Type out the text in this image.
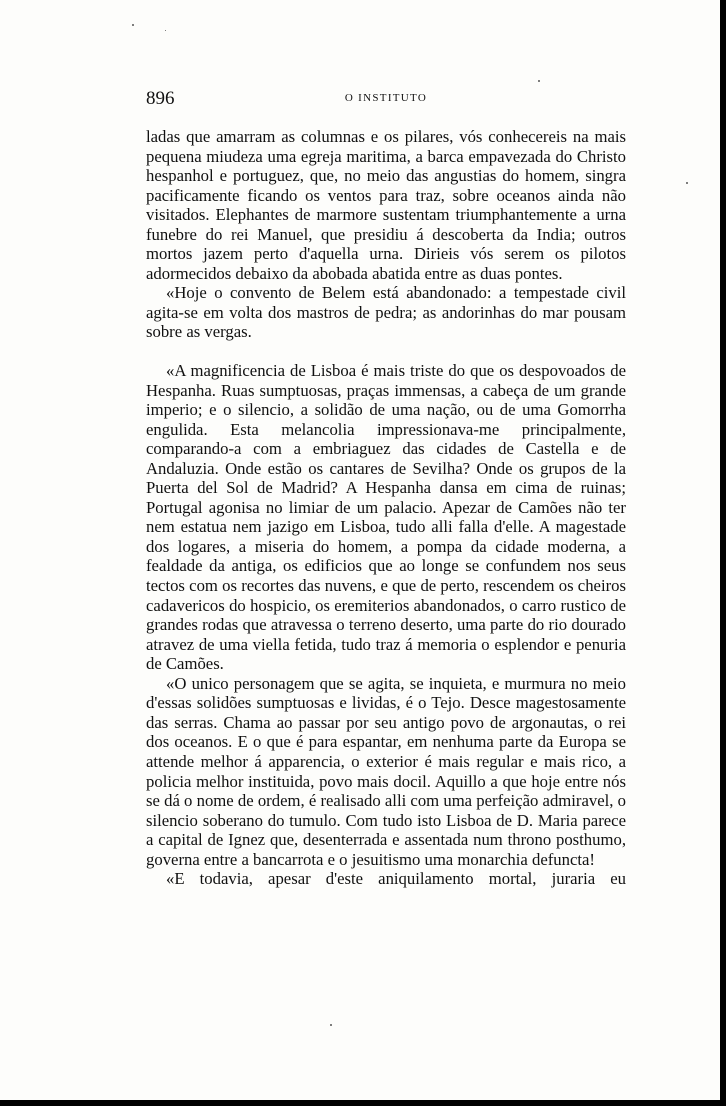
896	O INSTITUTO

ladas que amarram as columnas e os pilares, vós conhecereis na mais pequena miudeza uma egreja maritima, a barca empavezada do Christo hespanhol e portuguez, que, no meio das angustias do homem, singra pacificamente ficando os ventos para traz, sobre oceanos ainda não visitados. Elephantes de marmore sustentam triumphantemente a urna funebre do rei Manuel, que presidiu á descoberta da India; outros mortos jazem perto d'aquella urna. Dirieis vós serem os pilotos adormecidos debaixo da abobada abatida entre as duas pontes.

«Hoje o convento de Belem está abandonado: a tempestade civil agita-se em volta dos mastros de pedra; as andorinhas do mar pousam sobre as vergas.

«A magnificencia de Lisboa é mais triste do que os despovoados de Hespanha. Ruas sumptuosas, praças immensas, a cabeça de um grande imperio; e o silencio, a solidão de uma nação, ou de uma Gomorrha engulida. Esta melancolia impressionava-me principalmente, comparando-a com a embriaguez das cidades de Castella e de Andaluzia. Onde estão os cantares de Sevilha? Onde os grupos de la Puerta del Sol de Madrid? A Hespanha dansa em cima de ruinas; Portugal agonisa no limiar de um palacio. Apezar de Camões não ter nem estatua nem jazigo em Lisboa, tudo alli falla d'elle. A magestade dos logares, a miseria do homem, a pompa da cidade moderna, a fealdade da antiga, os edificios que ao longe se confundem nos seus tectos com os recortes das nuvens, e que de perto, rescendem os cheiros cadavericos do hospicio, os eremiterios abandonados, o carro rustico de grandes rodas que atravessa o terreno deserto, uma parte do rio dourado atravez de uma viella fetida, tudo traz á memoria o esplendor e penuria de Camões.

«O unico personagem que se agita, se inquieta, e murmura no meio d'essas solidões sumptuosas e lividas, é o Tejo. Desce magestosamente das serras. Chama ao passar por seu antigo povo de argonautas, o rei dos oceanos. E o que é para espantar, em nenhuma parte da Europa se attende melhor á apparencia, o exterior é mais regular e mais rico, a policia melhor instituida, povo mais docil. Aquillo a que hoje entre nós se dá o nome de ordem, é realisado alli com uma perfeição admiravel, o silencio soberano do tumulo. Com tudo isto Lisboa de D. Maria parece a capital de Ignez que, desenterrada e assentada num throno posthumo, governa entre a bancarrota e o jesuitismo uma monarchia defuncta!

«E todavia, apesar d'este aniquilamento mortal, juraria eu
